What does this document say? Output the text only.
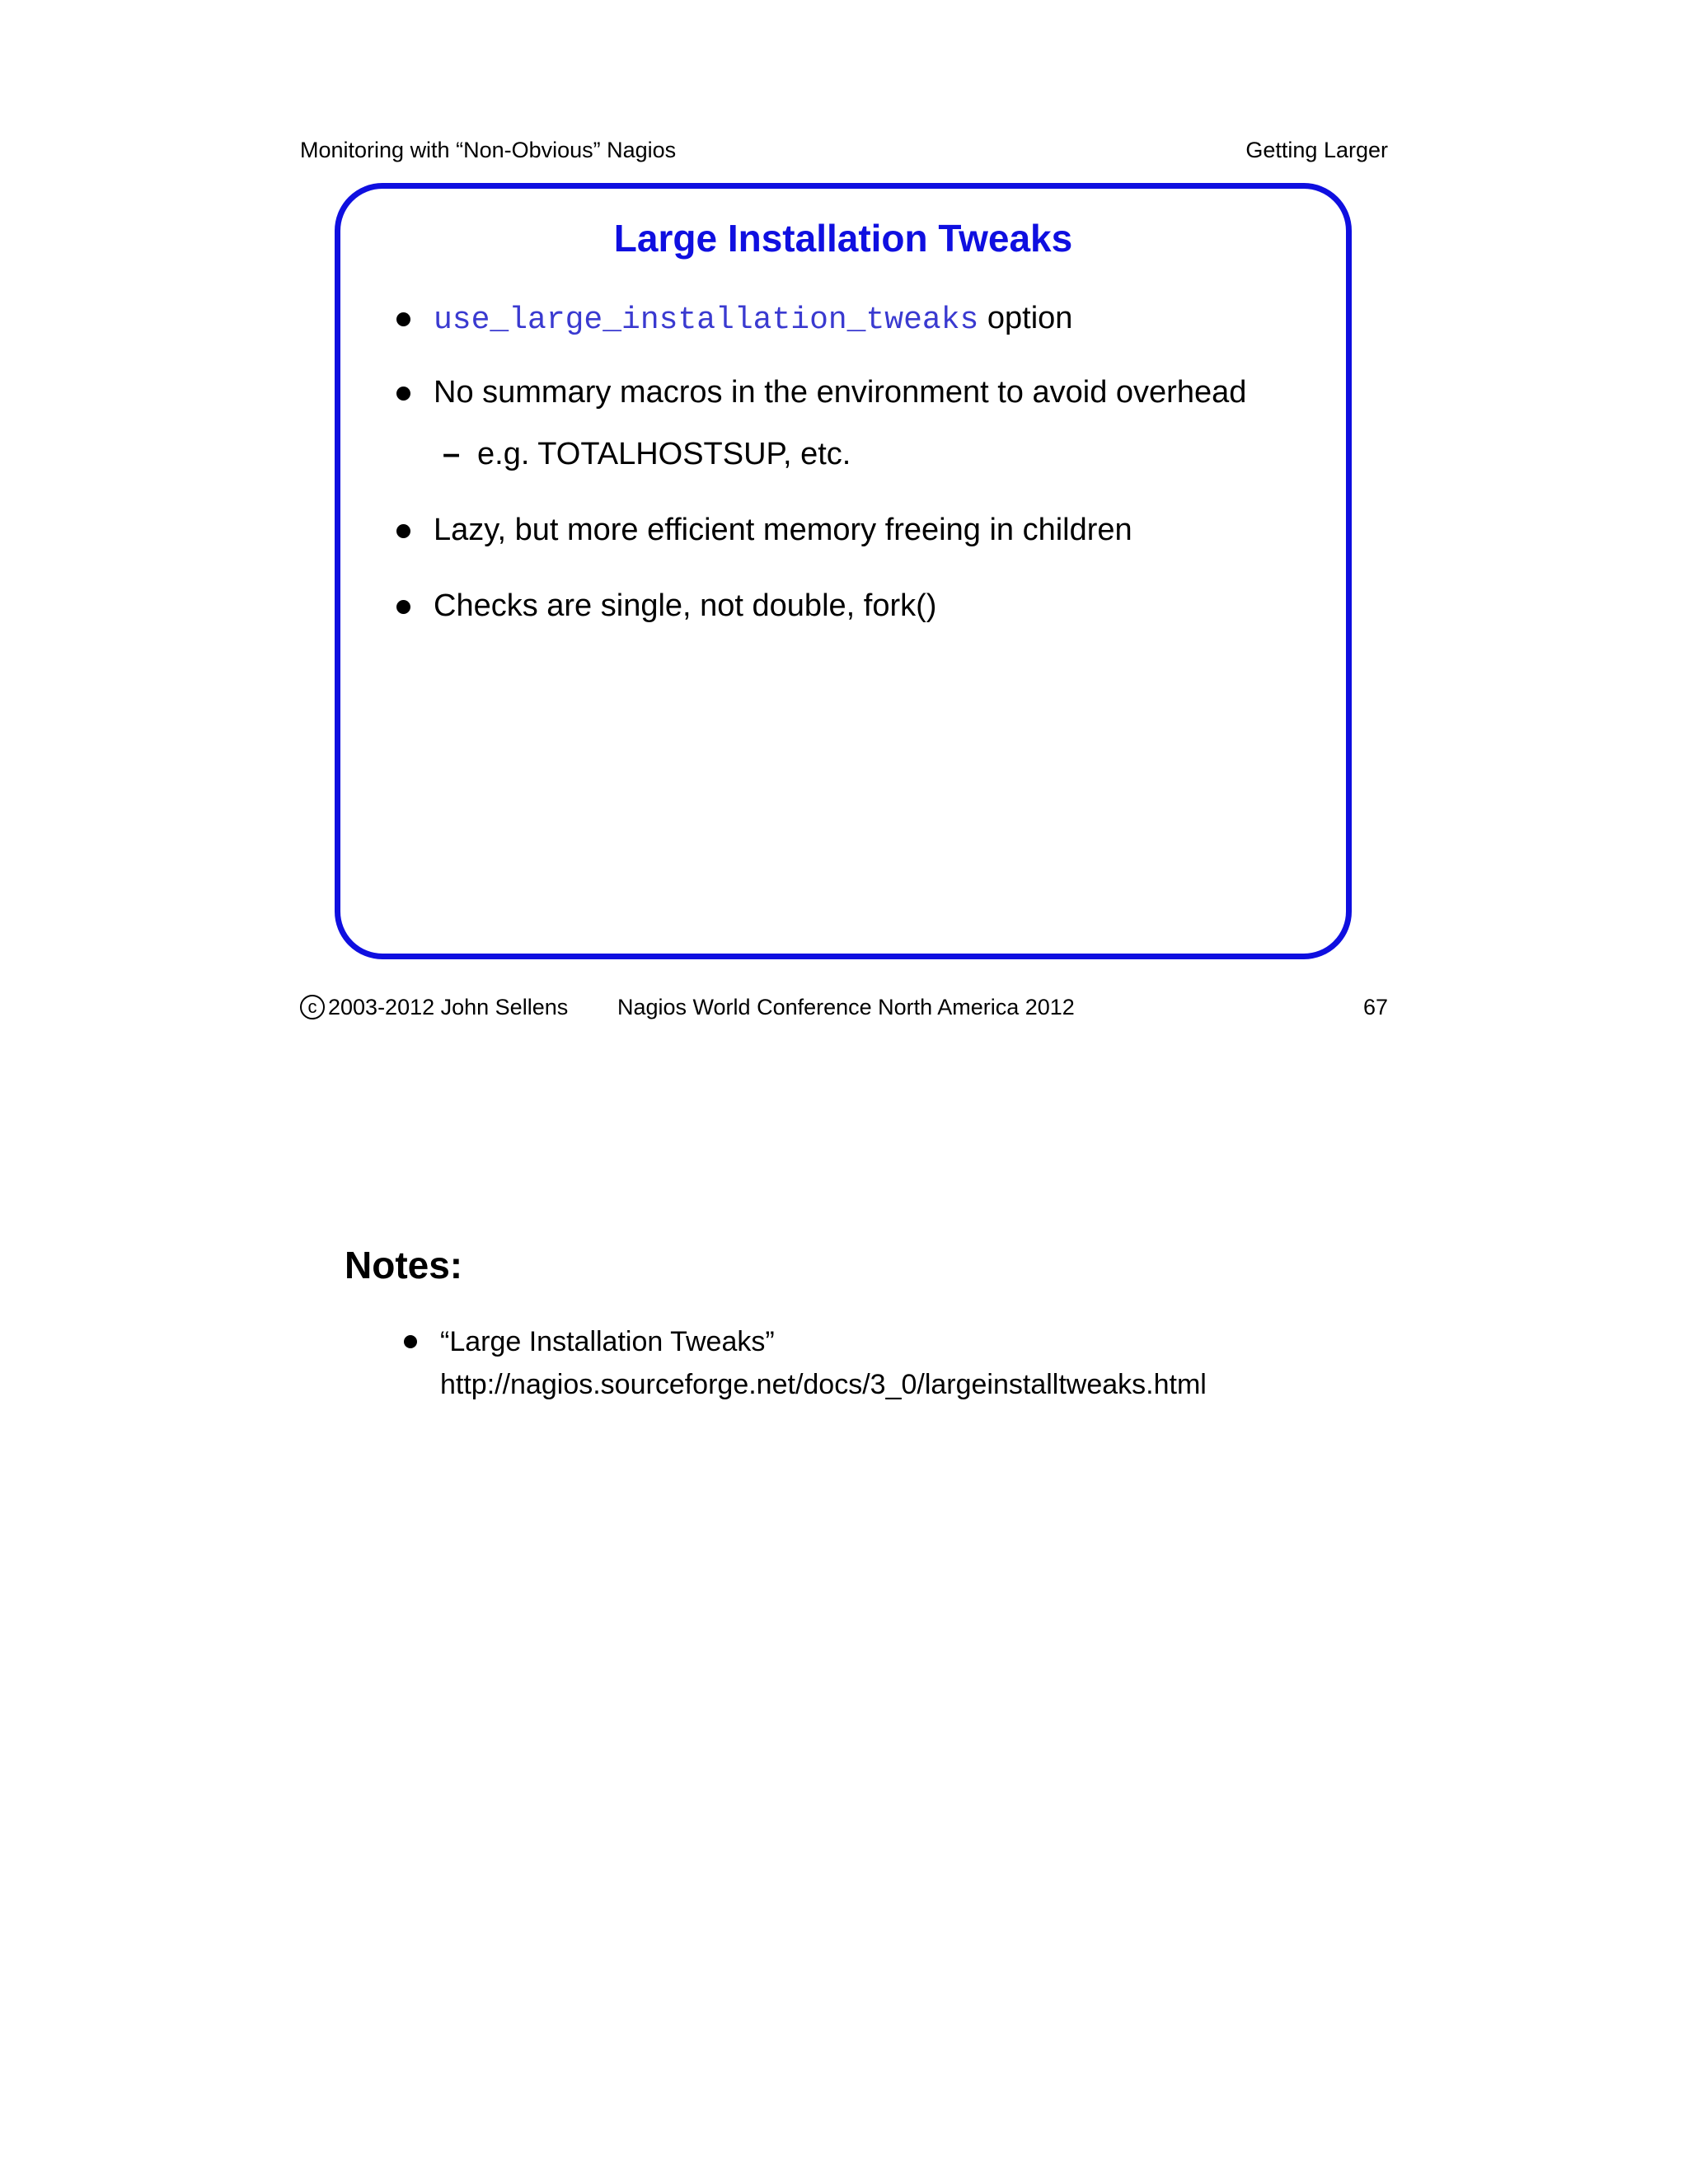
Monitoring with “Non-Obvious” Nagios	Getting Larger
Large Installation Tweaks
use_large_installation_tweaks option
No summary macros in the environment to avoid overhead
– e.g. TOTALHOSTSUP, etc.
Lazy, but more efficient memory freeing in children
Checks are single, not double, fork()
c 2003-2012 John Sellens Nagios World Conference North America 2012	67
Notes:
“Large Installation Tweaks”
http://nagios.sourceforge.net/docs/3_0/largeinstalltweaks.html
